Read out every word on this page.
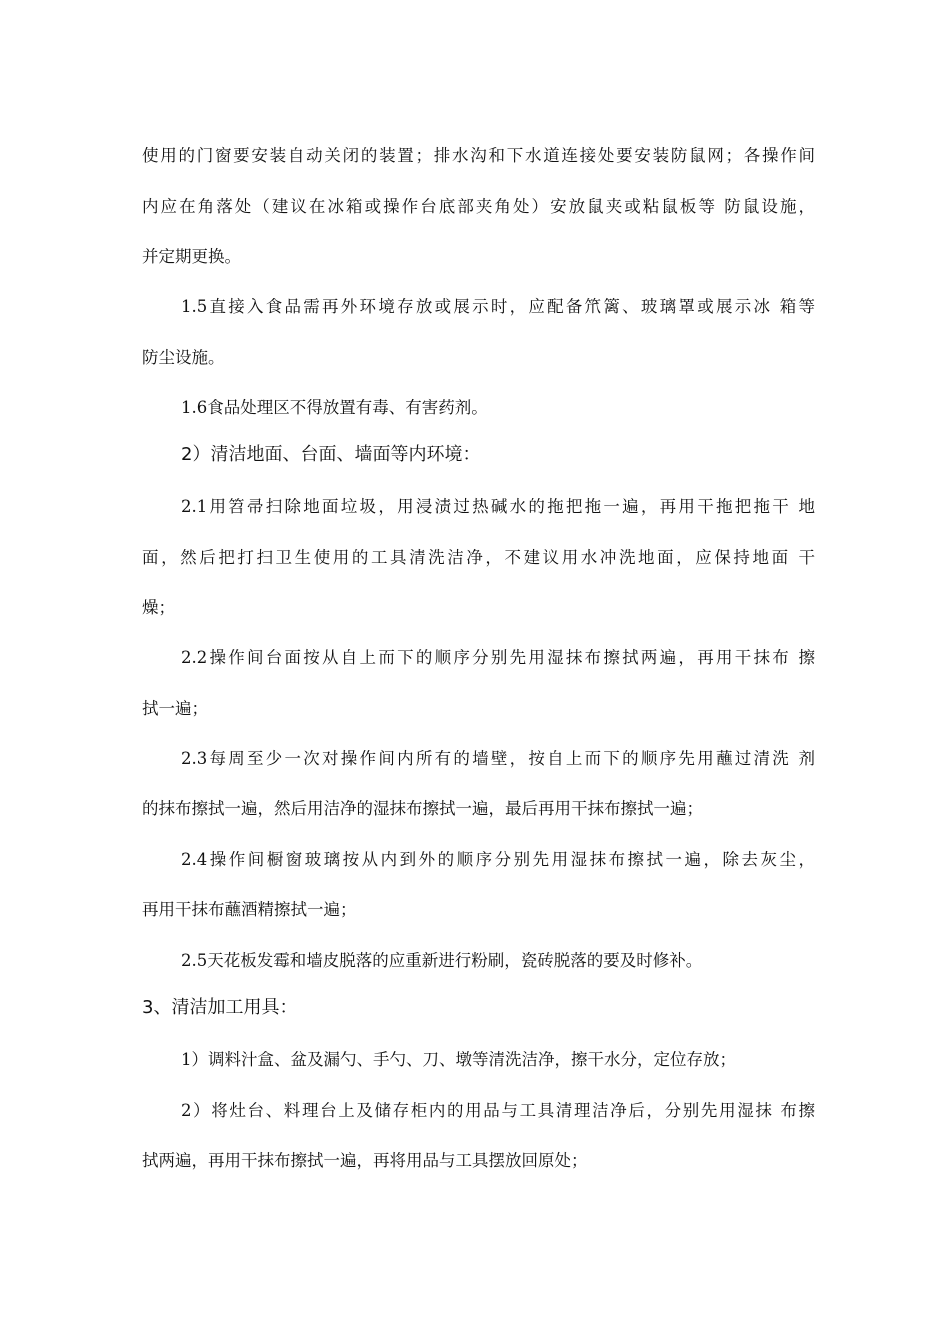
使用的门窗要安装自动关闭的装置；排水沟和下水道连接处要安装防鼠网；各操作间
内应在角落处（建议在冰箱或操作台底部夹角处）安放鼠夹或粘鼠板等 防鼠设施，
并定期更换。
1.5直接入食品需再外环境存放或展示时，应配备笊篱、玻璃罩或展示冰 箱等
防尘设施。
1.6食品处理区不得放置有毒、有害药剂。
2）清洁地面、台面、墙面等内环境：
2.1用笤帚扫除地面垃圾，用浸渍过热碱水的拖把拖一遍，再用干拖把拖干 地
面，然后把打扫卫生使用的工具清洗洁净，不建议用水冲洗地面，应保持地面 干
燥；
2.2操作间台面按从自上而下的顺序分别先用湿抹布擦拭两遍，再用干抹布 擦
拭一遍；
2.3每周至少一次对操作间内所有的墙壁，按自上而下的顺序先用蘸过清洗 剂
的抹布擦拭一遍，然后用洁净的湿抹布擦拭一遍，最后再用干抹布擦拭一遍；
2.4操作间橱窗玻璃按从内到外的顺序分别先用湿抹布擦拭一遍，除去灰尘，
再用干抹布蘸酒精擦拭一遍；
2.5天花板发霉和墙皮脱落的应重新进行粉刷，瓷砖脱落的要及时修补。
3、清洁加工用具：
1）调料汁盒、盆及漏勺、手勺、刀、墩等清洗洁净，擦干水分，定位存放；
2）将灶台、料理台上及储存柜内的用品与工具清理洁净后，分别先用湿抹 布擦
拭两遍，再用干抹布擦拭一遍，再将用品与工具摆放回原处；
